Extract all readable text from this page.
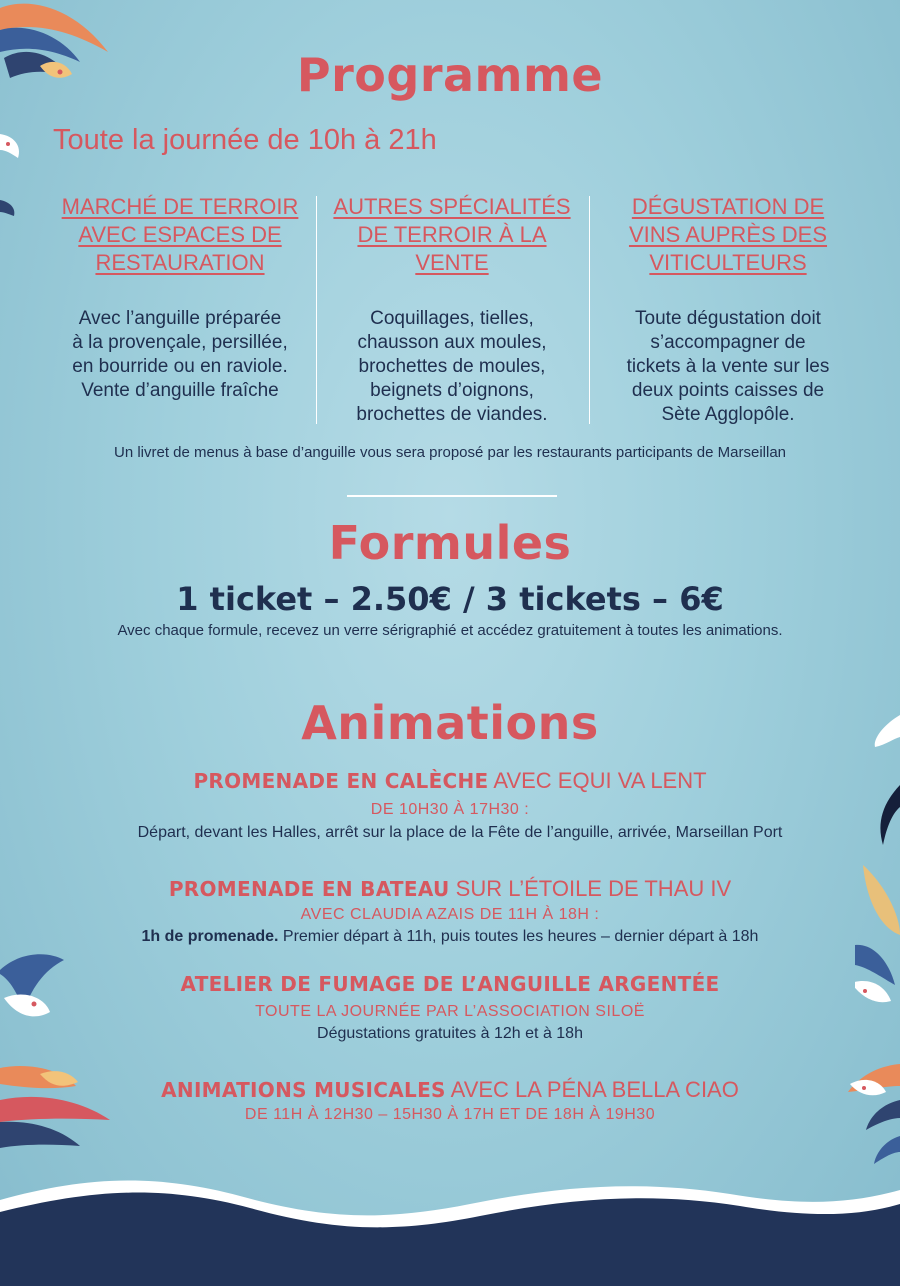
Programme
Toute la journée de 10h à 21h
MARCHÉ DE TERROIR
AVEC ESPACES DE
RESTAURATION
Avec l’anguille préparée
à la provençale, persillée,
en bourride ou en raviole.
Vente d’anguille fraîche
AUTRES SPÉCIALITÉS
DE TERROIR À LA
VENTE
Coquillages, tielles,
chausson aux moules,
brochettes de moules,
beignets d’oignons,
brochettes de viandes.
DÉGUSTATION DE
VINS AUPRÈS DES
VITICULTEURS
Toute dégustation doit
s’accompagner de
tickets à la vente sur les
deux points caisses de
Sète Agglopôle.
Un livret de menus à base d’anguille vous sera proposé par les restaurants participants de Marseillan
Formules
1 ticket – 2.50€ / 3 tickets – 6€
Avec chaque formule, recevez un verre sérigraphié et accédez gratuitement à toutes les animations.
Animations
PROMENADE EN CALÈCHE AVEC EQUI VA LENT
DE 10H30 À 17H30 :
Départ, devant les Halles, arrêt sur la place de la Fête de l’anguille, arrivée, Marseillan Port
PROMENADE EN BATEAU SUR L’ÉTOILE DE THAU IV
AVEC CLAUDIA AZAIS DE 11H À 18H :
1h de promenade. Premier départ à 11h, puis toutes les heures – dernier départ à 18h
ATELIER DE FUMAGE DE L’ANGUILLE ARGENTÉE
TOUTE LA JOURNÉE PAR L’ASSOCIATION SILOË
Dégustations gratuites à 12h et à 18h
ANIMATIONS MUSICALES AVEC LA PÉNA BELLA CIAO
DE 11H À 12H30 – 15H30 À 17H ET DE 18H À 19H30
